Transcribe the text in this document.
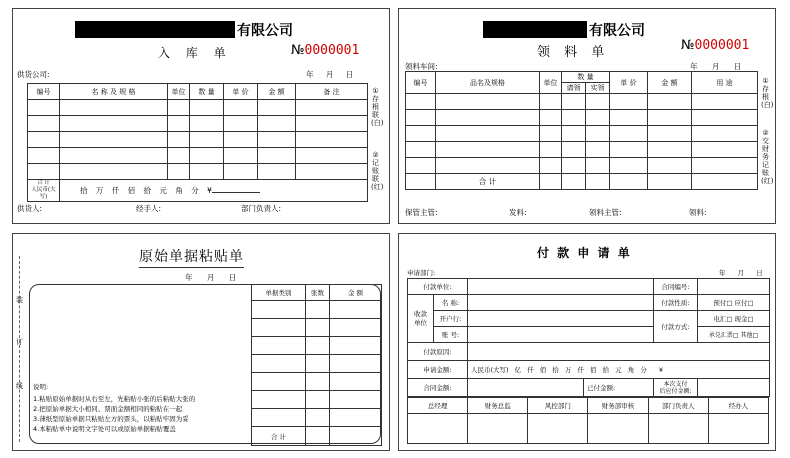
有限公司
入 库 单	№0000001
供货公司:	年 月 日
编号	名 称 及 规 格	单位	数 量	单 价	金 额	备 注

合 计
人民币(大写)	拾 万 仟 佰 拾 元 角 分 ¥					
①存根联(白)
②记账联(红)
供货人:	经手人:	部门负责人:
有限公司
领 料 单	№0000001
领料车间:	年 月 日
编号	品名及规格	单位	数 量		单 价	金 额	用 途
			请领	实领			

	合 计						
①存根(白)
②交财务记账(红)
保管主管:	发料:	领料主管:	领料:
原始单据粘贴单
年 月 日
装
订
线
单据类别	张数	金 额

合 计		
说明:
1.粘贴原始单据时从右至左，先粘贴小张的后粘贴大张的
2.把原始单据大小相同、票面金额相同的粘贴在一起
3.薄纸型原始单据只粘贴左方的票头，以粘贴牢固为妥
4.本粘贴单中说明文字处可以或原始单据粘贴覆盖
付 款 申 请 单
申请部门:	年 月 日
付款单位:				合同编号:	
收款
单位	名 称:			付款性质:	预付□ 应付□
	开户行:			付款方式:	电汇□ 现金□
	账 号:				承兑汇票□ 其他□
付款原因:					
申请金额:		人民币(大写) 亿 仟 佰 拾 万 仟 佰 拾 元 角 分 ¥			
合同金额:			已付金额:	本次支付
后应付金额:	
总经理	财务总监	风控部门	财务部审核	部门负责人	经办人
